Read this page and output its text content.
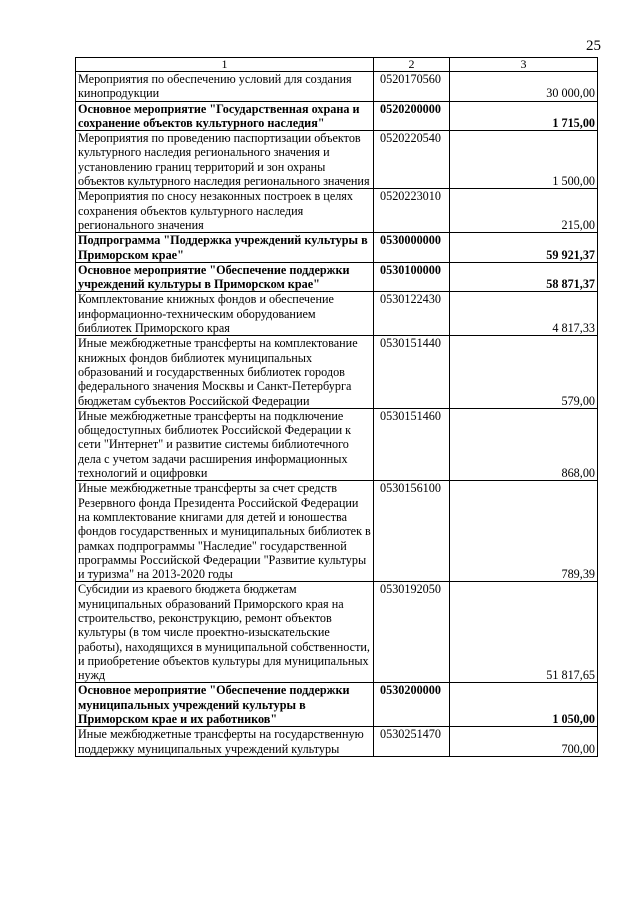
25
1	2	3
Мероприятия по обеспечению условий для создания кинопродукции	0520170560	30 000,00
Основное мероприятие "Государственная охрана и сохранение объектов культурного наследия"	0520200000	1 715,00
Мероприятия по проведению паспортизации объектов культурного наследия регионального значения и установлению границ территорий и зон охраны объектов культурного наследия регионального значения	0520220540	1 500,00
Мероприятия по сносу незаконных построек в целях сохранения объектов культурного наследия регионального значения	0520223010	215,00
Подпрограмма "Поддержка учреждений культуры в Приморском крае"	0530000000	59 921,37
Основное мероприятие "Обеспечение поддержки учреждений культуры в Приморском крае"	0530100000	58 871,37
Комплектование книжных фондов и обеспечение информационно-техническим оборудованием библиотек Приморского края	0530122430	4 817,33
Иные межбюджетные трансферты на комплектование книжных фондов библиотек муниципальных образований и государственных библиотек городов федерального значения Москвы и Санкт-Петербурга бюджетам субъектов Российской Федерации	0530151440	579,00
Иные межбюджетные трансферты на подключение общедоступных библиотек Российской Федерации к сети "Интернет" и развитие системы библиотечного дела с учетом задачи расширения информационных технологий и оцифровки	0530151460	868,00
Иные межбюджетные трансферты за счет средств Резервного фонда Президента Российской Федерации на комплектование книгами для детей и юношества фондов государственных и муниципальных библиотек в рамках подпрограммы "Наследие" государственной программы Российской Федерации "Развитие культуры и туризма" на 2013-2020 годы	0530156100	789,39
Субсидии из краевого бюджета бюджетам муниципальных образований Приморского края на строительство, реконструкцию, ремонт объектов культуры (в том числе проектно-изыскательские работы), находящихся в муниципальной собственности, и приобретение объектов культуры для муниципальных нужд	0530192050	51 817,65
Основное мероприятие "Обеспечение поддержки муниципальных учреждений культуры в Приморском крае и их работников"	0530200000	1 050,00
Иные межбюджетные трансферты на государственную поддержку муниципальных учреждений культуры	0530251470	700,00
